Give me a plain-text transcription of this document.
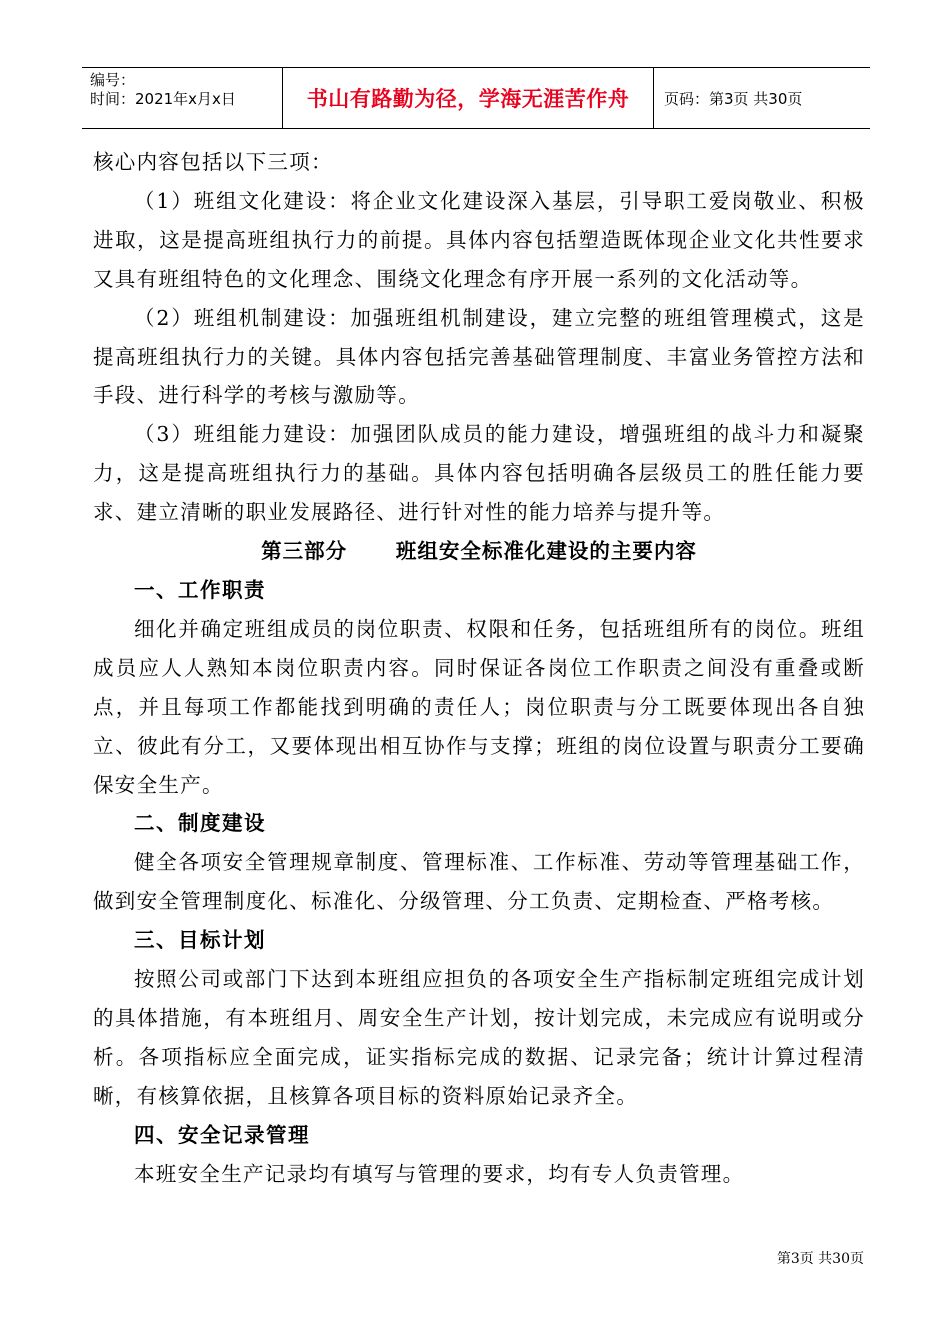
编号：
时间：2021年x月x日	书山有路勤为径，学海无涯苦作舟	页码：第3页 共30页

核心内容包括以下三项：

（1）班组文化建设：将企业文化建设深入基层，引导职工爱岗敬业、积极进取，这是提高班组执行力的前提。具体内容包括塑造既体现企业文化共性要求又具有班组特色的文化理念、围绕文化理念有序开展一系列的文化活动等。

（2）班组机制建设：加强班组机制建设，建立完整的班组管理模式，这是提高班组执行力的关键。具体内容包括完善基础管理制度、丰富业务管控方法和手段、进行科学的考核与激励等。

（3）班组能力建设：加强团队成员的能力建设，增强班组的战斗力和凝聚力，这是提高班组执行力的基础。具体内容包括明确各层级员工的胜任能力要求、建立清晰的职业发展路径、进行针对性的能力培养与提升等。

第三部分      班组安全标准化建设的主要内容

一、工作职责

细化并确定班组成员的岗位职责、权限和任务，包括班组所有的岗位。班组成员应人人熟知本岗位职责内容。同时保证各岗位工作职责之间没有重叠或断点，并且每项工作都能找到明确的责任人；岗位职责与分工既要体现出各自独立、彼此有分工，又要体现出相互协作与支撑；班组的岗位设置与职责分工要确保安全生产。

二、制度建设

健全各项安全管理规章制度、管理标准、工作标准、劳动等管理基础工作，做到安全管理制度化、标准化、分级管理、分工负责、定期检查、严格考核。

三、目标计划

按照公司或部门下达到本班组应担负的各项安全生产指标制定班组完成计划的具体措施，有本班组月、周安全生产计划，按计划完成，未完成应有说明或分析。各项指标应全面完成，证实指标完成的数据、记录完备；统计计算过程清晰，有核算依据，且核算各项目标的资料原始记录齐全。

四、安全记录管理

本班安全生产记录均有填写与管理的要求，均有专人负责管理。

第3页 共30页
